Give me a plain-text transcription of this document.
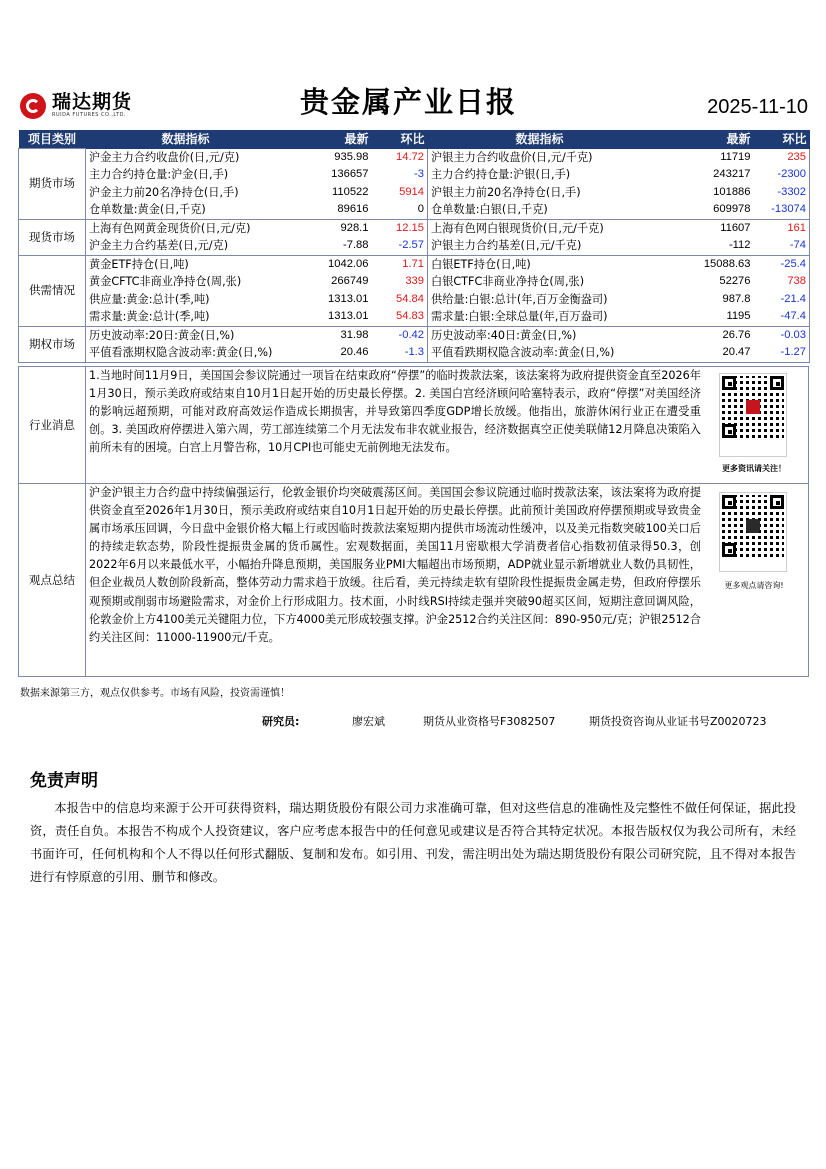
瑞达期货
RUIDA FUTURES CO.,LTD.	贵金属产业日报	2025-11-10
项目类别	数据指标	最新	环比	数据指标	最新	环比
期货市场	沪金主力合约收盘价(日,元/克)	935.98	14.72	沪银主力合约收盘价(日,元/千克)	11719	235
	主力合约持仓量:沪金(日,手)	136657	-3	主力合约持仓量:沪银(日,手)	243217	-2300
	沪金主力前20名净持仓(日,手)	110522	5914	沪银主力前20名净持仓(日,手)	101886	-3302
	仓单数量:黄金(日,千克)	89616	0	仓单数量:白银(日,千克)	609978	-13074
现货市场	上海有色网黄金现货价(日,元/克)	928.1	12.15	上海有色网白银现货价(日,元/千克)	11607	161
	沪金主力合约基差(日,元/克)	-7.88	-2.57	沪银主力合约基差(日,元/千克)	-112	-74
供需情况	黄金ETF持仓(日,吨)	1042.06	1.71	白银ETF持仓(日,吨)	15088.63	-25.4
	黄金CFTC非商业净持仓(周,张)	266749	339	白银CTFC非商业净持仓(周,张)	52276	738
	供应量:黄金:总计(季,吨)	1313.01	54.84	供给量:白银:总计(年,百万金衡盎司)	987.8	-21.4
	需求量:黄金:总计(季,吨)	1313.01	54.83	需求量:白银:全球总量(年,百万盎司)	1195	-47.4
期权市场	历史波动率:20日:黄金(日,%)	31.98	-0.42	历史波动率:40日:黄金(日,%)	26.76	-0.03
	平值看涨期权隐含波动率:黄金(日,%)	20.46	-1.3	平值看跌期权隐含波动率:黄金(日,%)	20.47	-1.27
行业消息
1.当地时间11月9日，美国国会参议院通过一项旨在结束政府“停摆”的临时拨款法案，该法案将为政府提供资金直至2026年1月30日，预示美政府或结束自10月1日起开始的历史最长停摆。2. 美国白宫经济顾问哈塞特表示，政府“停摆”对美国经济的影响远超预期，可能对政府高效运作造成长期损害，并导致第四季度GDP增长放缓。他指出，旅游休闲行业正在遭受重创。3. 美国政府停摆进入第六周，劳工部连续第二个月无法发布非农就业报告，经济数据真空正使美联储12月降息决策陷入前所未有的困境。白宫上月警告称，10月CPI也可能史无前例地无法发布。
更多资讯请关注！
观点总结
沪金沪银主力合约盘中持续偏强运行，伦敦金银价均突破震荡区间。美国国会参议院通过临时拨款法案，该法案将为政府提供资金直至2026年1月30日，预示美政府或结束自10月1日起开始的历史最长停摆。此前预计美国政府停摆预期或导致贵金属市场承压回调，今日盘中金银价格大幅上行或因临时拨款法案短期内提供市场流动性缓冲，以及美元指数突破100关口后的持续走软态势，阶段性提振贵金属的货币属性。宏观数据面，美国11月密歇根大学消费者信心指数初值录得50.3，创2022年6月以来最低水平，小幅抬升降息预期，美国服务业PMI大幅超出市场预期，ADP就业显示新增就业人数仍具韧性，但企业裁员人数创阶段新高，整体劳动力需求趋于放缓。往后看，美元持续走软有望阶段性提振贵金属走势，但政府停摆乐观预期或削弱市场避险需求，对金价上行形成阻力。技术面，小时线RSI持续走强并突破90超买区间，短期注意回调风险，伦敦金价上方4100美元关键阻力位，下方4000美元形成较强支撑。沪金2512合约关注区间：890-950元/克；沪银2512合约关注区间：11000-11900元/千克。
更多观点请咨询!
数据来源第三方，观点仅供参考。市场有风险，投资需谨慎！
研究员:	廖宏斌	期货从业资格号F3082507	期货投资咨询从业证书号Z0020723
免责声明
本报告中的信息均来源于公开可获得资料，瑞达期货股份有限公司力求准确可靠，但对这些信息的准确性及完整性不做任何保证，据此投资，责任自负。本报告不构成个人投资建议，客户应考虑本报告中的任何意见或建议是否符合其特定状况。本报告版权仅为我公司所有，未经书面许可，任何机构和个人不得以任何形式翻版、复制和发布。如引用、刊发，需注明出处为瑞达期货股份有限公司研究院，且不得对本报告进行有悖原意的引用、删节和修改。
